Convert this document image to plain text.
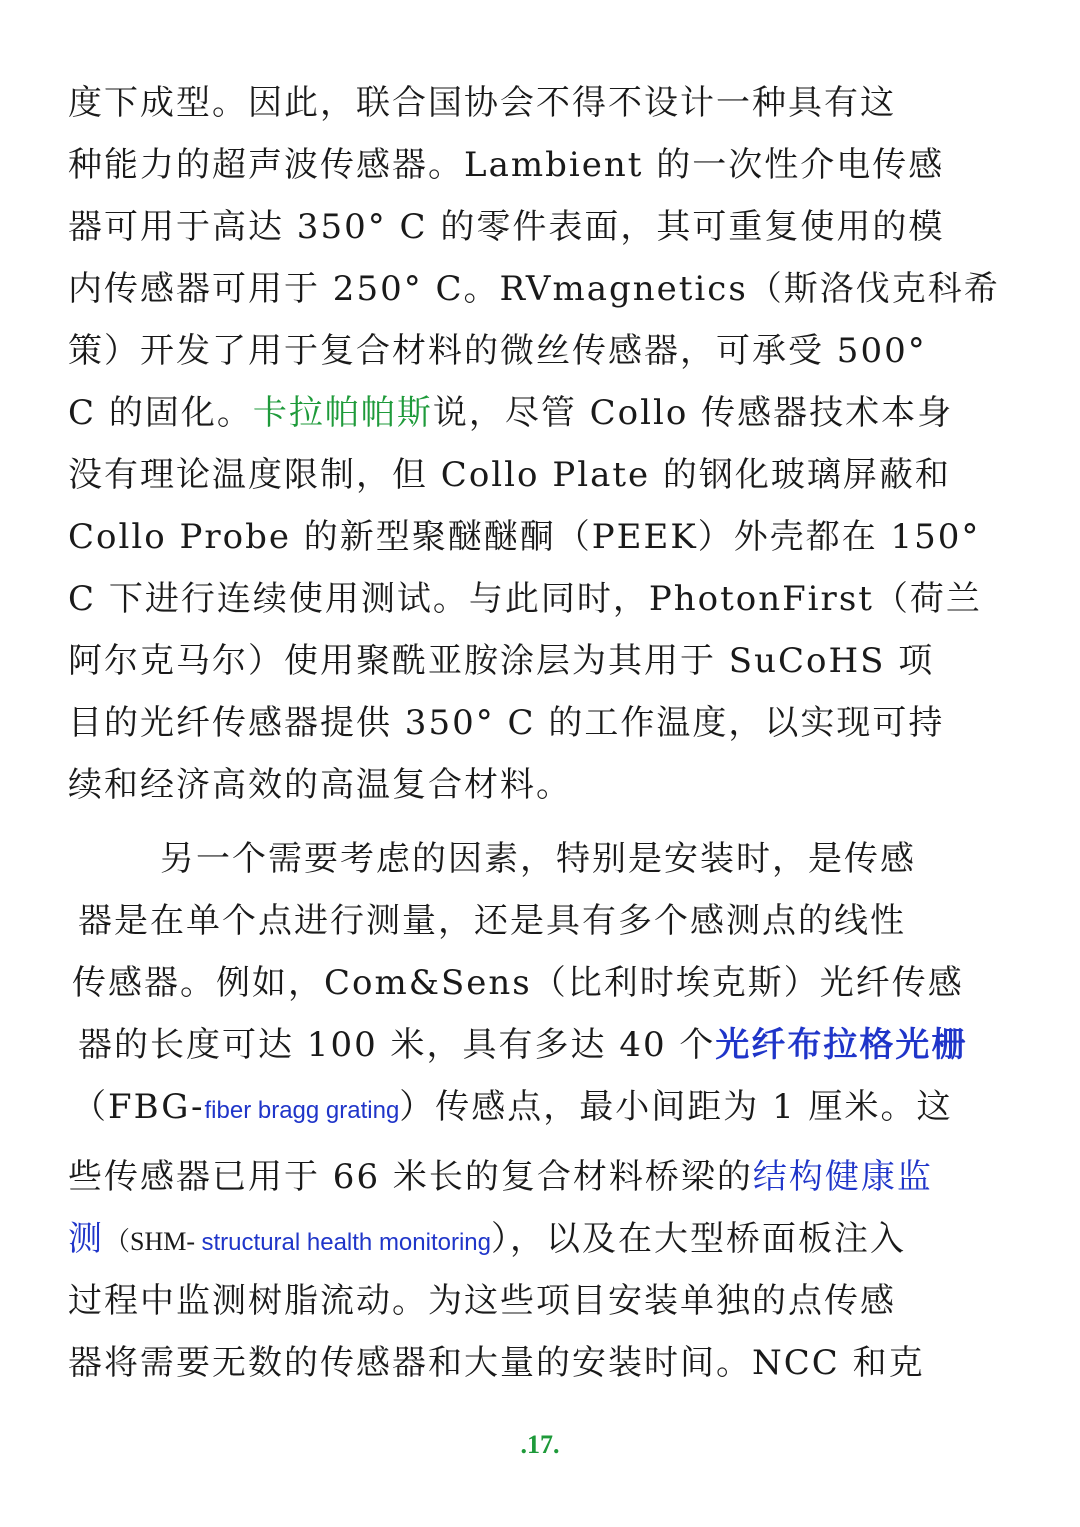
度下成型。因此，联合国协会不得不设计一种具有这
种能力的超声波传感器。Lambient 的一次性介电传感
器可用于高达 350° C 的零件表面，其可重复使用的模
内传感器可用于 250° C。RVmagnetics（斯洛伐克科希
策）开发了用于复合材料的微丝传感器，可承受 500°
C 的固化。卡拉帕帕斯说，尽管 Collo 传感器技术本身
没有理论温度限制，但 Collo Plate 的钢化玻璃屏蔽和
Collo Probe 的新型聚醚醚酮（PEEK）外壳都在 150°
C 下进行连续使用测试。与此同时，PhotonFirst（荷兰
阿尔克马尔）使用聚酰亚胺涂层为其用于 SuCoHS 项
目的光纤传感器提供 350° C 的工作温度，以实现可持
续和经济高效的高温复合材料。
另一个需要考虑的因素，特别是安装时，是传感
器是在单个点进行测量，还是具有多个感测点的线性
传感器。例如，Com&Sens（比利时埃克斯）光纤传感
器的长度可达 100 米，具有多达 40 个光纤布拉格光栅
（FBG-fiber bragg grating）传感点，最小间距为 1 厘米。这
些传感器已用于 66 米长的复合材料桥梁的结构健康监
测（SHM- structural health monitoring），以及在大型桥面板注入
过程中监测树脂流动。为这些项目安装单独的点传感
器将需要无数的传感器和大量的安装时间。NCC 和克
.17.
